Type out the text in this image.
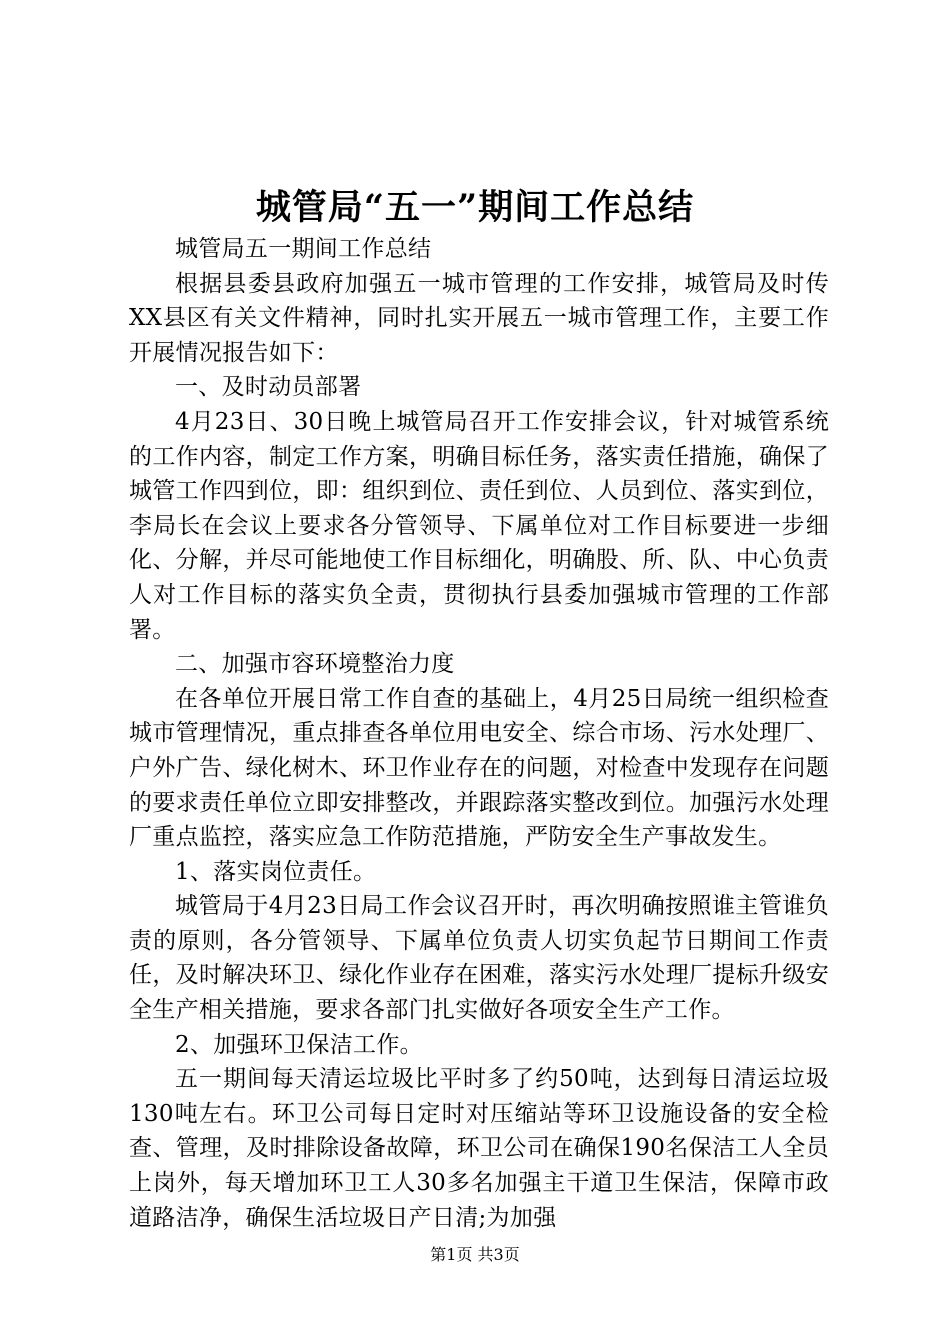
城管局“五一”期间工作总结

城管局五一期间工作总结

根据县委县政府加强五一城市管理的工作安排，城管局及时传XX县区有关文件精神，同时扎实开展五一城市管理工作，主要工作开展情况报告如下：

一、及时动员部署

4月23日、30日晚上城管局召开工作安排会议，针对城管系统的工作内容，制定工作方案，明确目标任务，落实责任措施，确保了城管工作四到位，即：组织到位、责任到位、人员到位、落实到位，李局长在会议上要求各分管领导、下属单位对工作目标要进一步细化、分解，并尽可能地使工作目标细化，明确股、所、队、中心负责人对工作目标的落实负全责，贯彻执行县委加强城市管理的工作部署。

二、加强市容环境整治力度

在各单位开展日常工作自查的基础上，4月25日局统一组织检查城市管理情况，重点排查各单位用电安全、综合市场、污水处理厂、户外广告、绿化树木、环卫作业存在的问题，对检查中发现存在问题的要求责任单位立即安排整改，并跟踪落实整改到位。加强污水处理厂重点监控，落实应急工作防范措施，严防安全生产事故发生。

1、落实岗位责任。

城管局于4月23日局工作会议召开时，再次明确按照谁主管谁负责的原则，各分管领导、下属单位负责人切实负起节日期间工作责任，及时解决环卫、绿化作业存在困难，落实污水处理厂提标升级安全生产相关措施，要求各部门扎实做好各项安全生产工作。

2、加强环卫保洁工作。

五一期间每天清运垃圾比平时多了约50吨，达到每日清运垃圾130吨左右。环卫公司每日定时对压缩站等环卫设施设备的安全检查、管理，及时排除设备故障，环卫公司在确保190名保洁工人全员上岗外，每天增加环卫工人30多名加强主干道卫生保洁，保障市政道路洁净，确保生活垃圾日产日清;为加强

第1页 共3页
